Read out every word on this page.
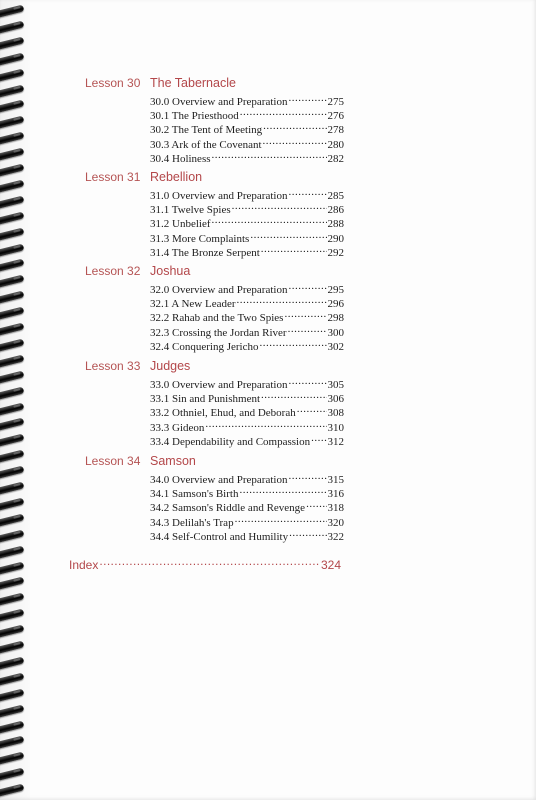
Lesson 30 The Tabernacle
30.0 Overview and Preparation .....	275
30.1 The Priesthood .....	276
30.2 The Tent of Meeting .....	278
30.3 Ark of the Covenant .....	280
30.4 Holiness .....	282
Lesson 31 Rebellion
31.0 Overview and Preparation .....	285
31.1 Twelve Spies .....	286
31.2 Unbelief .....	288
31.3 More Complaints .....	290
31.4 The Bronze Serpent .....	292
Lesson 32 Joshua
32.0 Overview and Preparation .....	295
32.1 A New Leader .....	296
32.2 Rahab and the Two Spies .....	298
32.3 Crossing the Jordan River .....	300
32.4 Conquering Jericho .....	302
Lesson 33 Judges
33.0 Overview and Preparation .....	305
33.1 Sin and Punishment .....	306
33.2 Othniel, Ehud, and Deborah .....	308
33.3 Gideon .....	310
33.4 Dependability and Compassion ..... 312
Lesson 34 Samson
34.0 Overview and Preparation .....	315
34.1 Samson's Birth .....	316
34.2 Samson's Riddle and Revenge ..... 318
34.3 Delilah's Trap .....	320
34.4 Self-Control and Humility .....	322
Index .....	324
